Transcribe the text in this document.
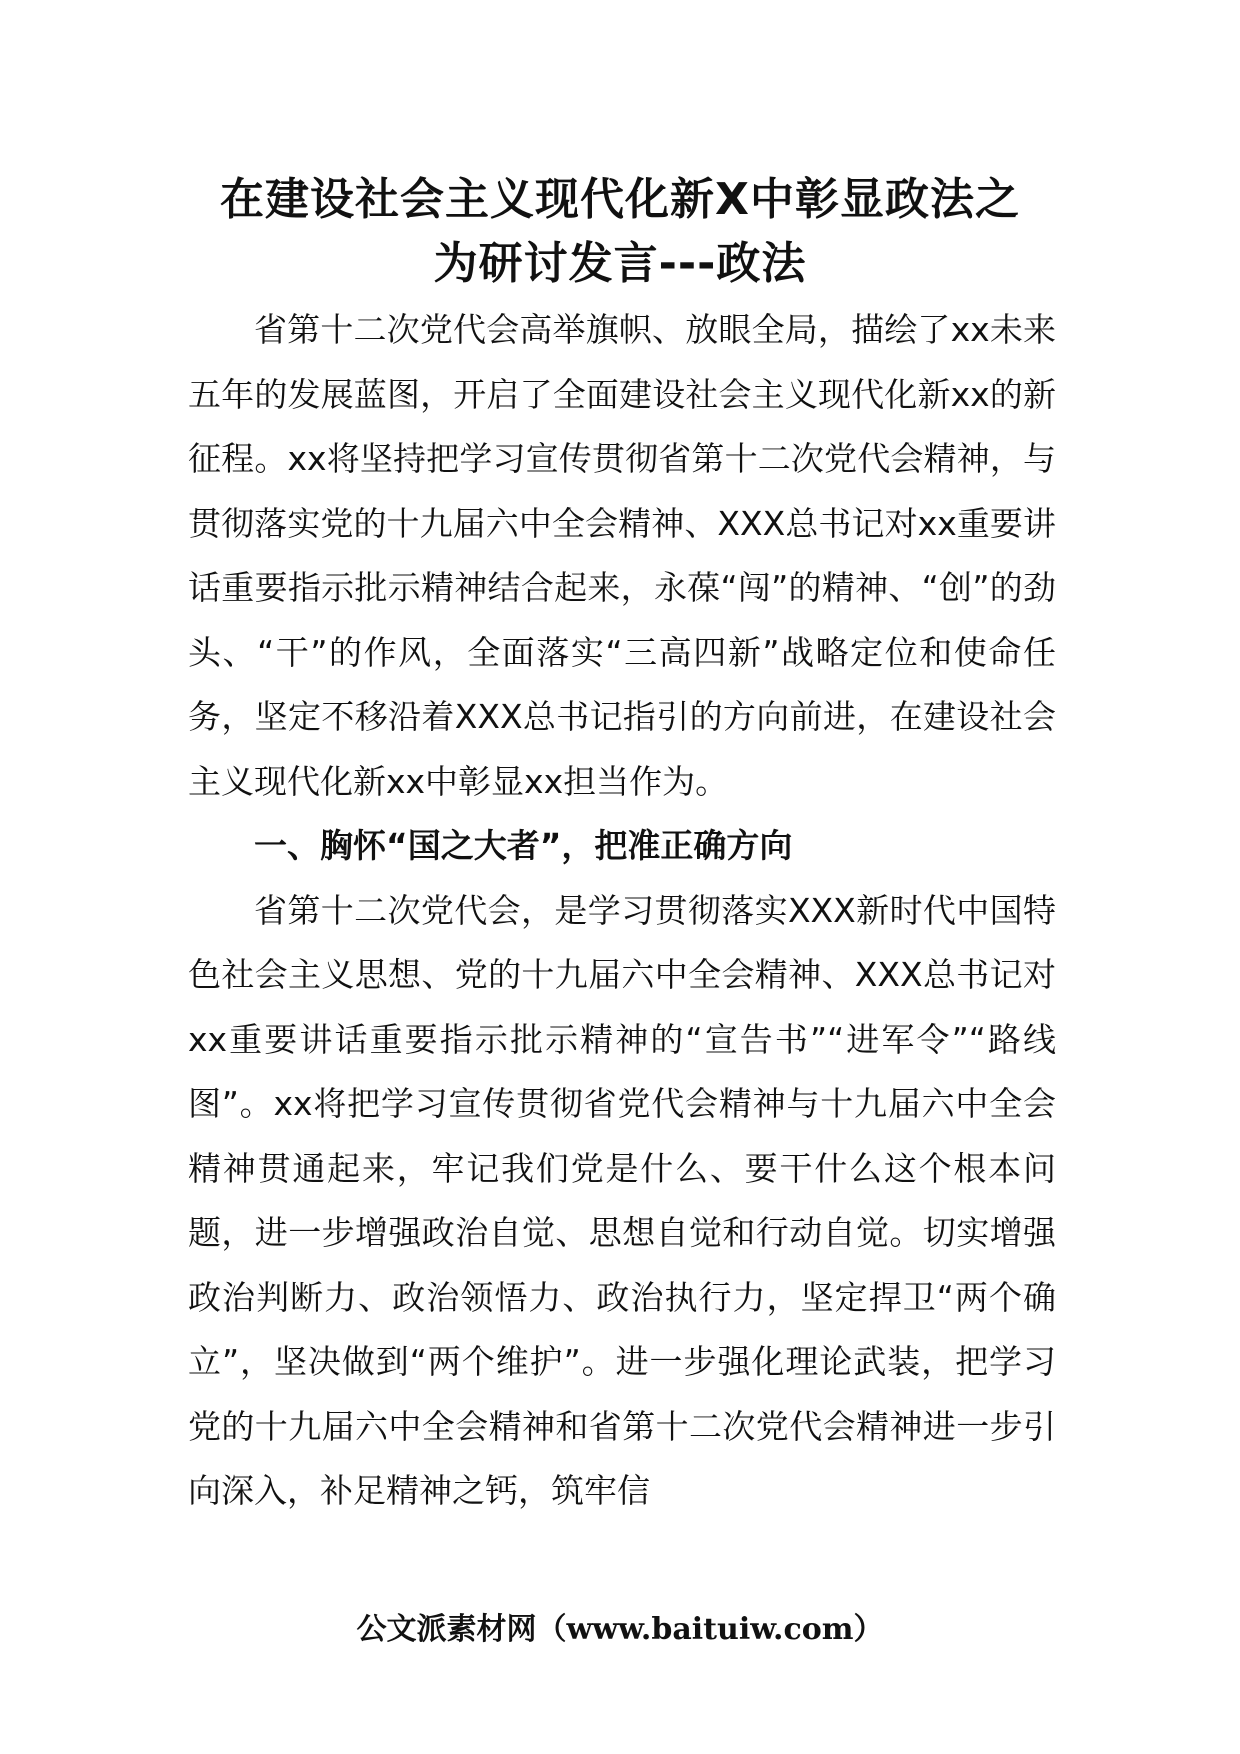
在建设社会主义现代化新X中彰显政法之
为研讨发言---政法

省第十二次党代会高举旗帜、放眼全局，描绘了xx未来五年的发展蓝图，开启了全面建设社会主义现代化新xx的新征程。xx将坚持把学习宣传贯彻省第十二次党代会精神，与贯彻落实党的十九届六中全会精神、XXX总书记对xx重要讲话重要指示批示精神结合起来，永葆“闯”的精神、“创”的劲头、“干”的作风，全面落实“三高四新”战略定位和使命任务，坚定不移沿着XXX总书记指引的方向前进，在建设社会主义现代化新xx中彰显xx担当作为。

一、胸怀“国之大者”，把准正确方向

省第十二次党代会，是学习贯彻落实XXX新时代中国特色社会主义思想、党的十九届六中全会精神、XXX总书记对xx重要讲话重要指示批示精神的“宣告书”“进军令”“路线图”。xx将把学习宣传贯彻省党代会精神与十九届六中全会精神贯通起来，牢记我们党是什么、要干什么这个根本问题，进一步增强政治自觉、思想自觉和行动自觉。切实增强政治判断力、政治领悟力、政治执行力，坚定捍卫“两个确立”，坚决做到“两个维护”。进一步强化理论武装，把学习党的十九届六中全会精神和省第十二次党代会精神进一步引向深入，补足精神之钙，筑牢信

公文派素材网（www.baituiw.com）
